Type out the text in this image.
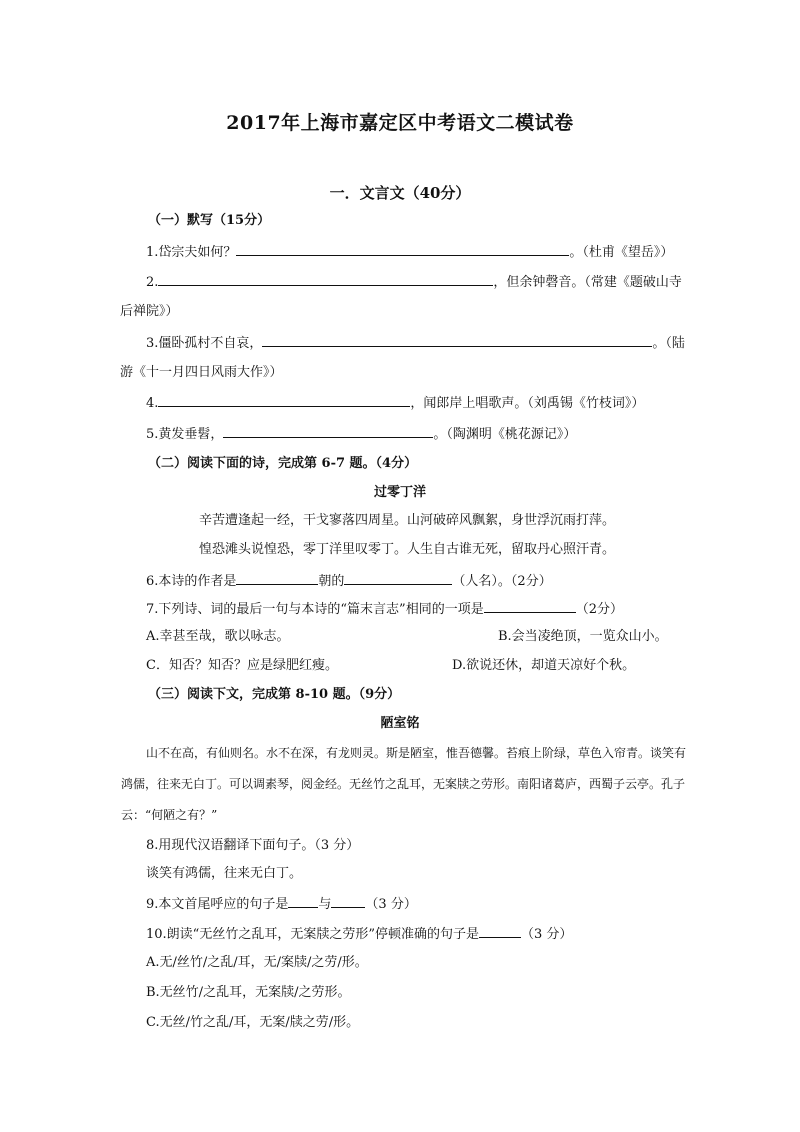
2017年上海市嘉定区中考语文二模试卷
一．文言文（40分）
（一）默写（15分）
1.岱宗夫如何？	。（杜甫《望岳》）
2.	，但余钟磬音。（常建《题破山寺
后禅院》）
3.僵卧孤村不自哀，	。（陆
游《十一月四日风雨大作》）
4.	，闻郎岸上唱歌声。（刘禹锡《竹枝词》）
5.黄发垂髫，	。（陶渊明《桃花源记》）
（二）阅读下面的诗，完成第 6-7 题。（4分）
过零丁洋
辛苦遭逢起一经，干戈寥落四周星。山河破碎风飘絮，身世浮沉雨打萍。
惶恐滩头说惶恐，零丁洋里叹零丁。人生自古谁无死，留取丹心照汗青。
6.本诗的作者是	朝的	（人名）。（2分）
7.下列诗、词的最后一句与本诗的“篇末言志”相同的一项是	（2分）
A.幸甚至哉，歌以咏志。	B.会当凌绝顶，一览众山小。
C．知否？知否？应是绿肥红瘦。	D.欲说还休，却道天凉好个秋。
（三）阅读下文，完成第 8-10 题。（9分）
陋室铭
山不在高，有仙则名。水不在深，有龙则灵。斯是陋室，惟吾德馨。苔痕上阶绿，草色入帘青。谈笑有
鸿儒，往来无白丁。可以调素琴，阅金经。无丝竹之乱耳，无案牍之劳形。南阳诸葛庐，西蜀子云亭。孔子
云：“何陋之有？”
8.用现代汉语翻译下面句子。（3 分）
谈笑有鸿儒，往来无白丁。
9.本文首尾呼应的句子是 与	（3 分）
10.朗读“无丝竹之乱耳，无案牍之劳形”停顿准确的句子是	（3 分）
A.无/丝竹/之乱/耳，无/案牍/之劳/形。
B.无丝竹/之乱耳，无案牍/之劳形。
C.无丝/竹之乱/耳，无案/牍之劳/形。
